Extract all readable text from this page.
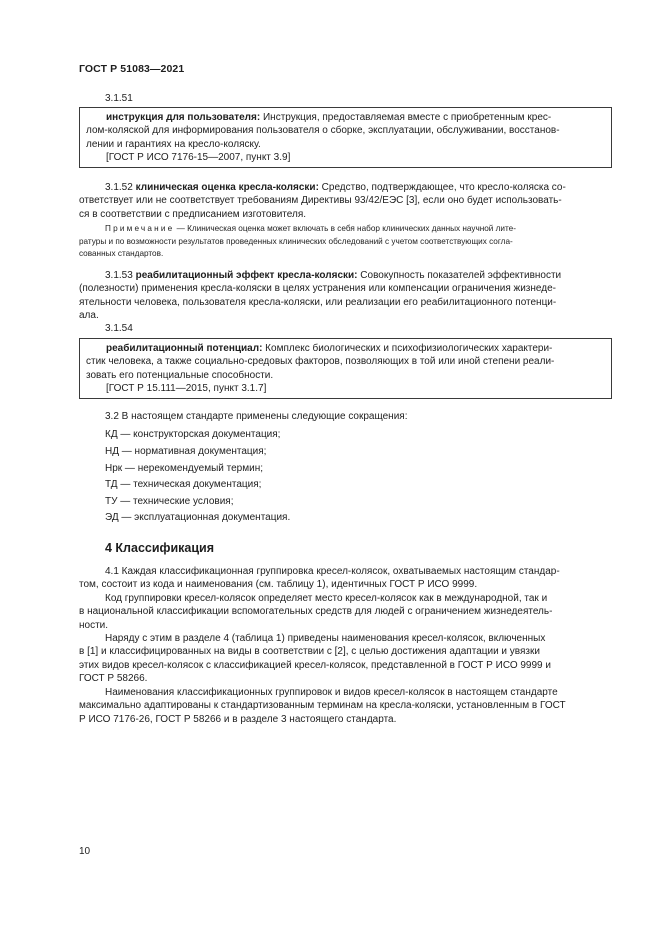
ГОСТ Р 51083—2021
3.1.51

инструкция для пользователя: Инструкция, предоставляемая вместе с приобретенным крес-
лом-коляской для информирования пользователя о сборке, эксплуатации, обслуживании, восстанов-
лении и гарантиях на кресло-коляску.

[ГОСТ Р ИСО 7176-15—2007, пункт 3.9]

3.1.52 клиническая оценка кресла-коляски: Средство, подтверждающее, что кресло-коляска со-
ответствует или не соответствует требованиям Директивы 93/42/ЕЭС [3], если оно будет использовать-
ся в соответствии с предписанием изготовителя.

Примечание — Клиническая оценка может включать в себя набор клинических данных научной лите-
ратуры и по возможности результатов проведенных клинических обследований с учетом соответствующих согла-
сованных стандартов.

3.1.53 реабилитационный эффект кресла-коляски: Совокупность показателей эффективности
(полезности) применения кресла-коляски в целях устранения или компенсации ограничения жизнеде-
ятельности человека, пользователя кресла-коляски, или реализации его реабилитационного потенци-
ала.

3.1.54

реабилитационный потенциал: Комплекс биологических и психофизиологических характери-
стик человека, а также социально-средовых факторов, позволяющих в той или иной степени реали-
зовать его потенциальные способности.

[ГОСТ Р 15.111—2015, пункт 3.1.7]

3.2 В настоящем стандарте применены следующие сокращения:
КД — конструкторская документация;
НД — нормативная документация;
Нрк — нерекомендуемый термин;
ТД — техническая документация;
ТУ — технические условия;
ЭД — эксплуатационная документация.
4 Классификация

4.1 Каждая классификационная группировка кресел-колясок, охватываемых настоящим стандар-
том, состоит из кода и наименования (см. таблицу 1), идентичных ГОСТ Р ИСО 9999.

Код группировки кресел-колясок определяет место кресел-колясок как в международной, так и
в национальной классификации вспомогательных средств для людей с ограничением жизнедеятель-
ности.

Наряду с этим в разделе 4 (таблица 1) приведены наименования кресел-колясок, включенных
в [1] и классифицированных на виды в соответствии с [2], с целью достижения адаптации и увязки
этих видов кресел-колясок с классификацией кресел-колясок, представленной в ГОСТ Р ИСО 9999 и
ГОСТ Р 58266.

Наименования классификационных группировок и видов кресел-колясок в настоящем стандарте
максимально адаптированы к стандартизованным терминам на кресла-коляски, установленным в ГОСТ
Р ИСО 7176-26, ГОСТ Р 58266 и в разделе 3 настоящего стандарта.

10
